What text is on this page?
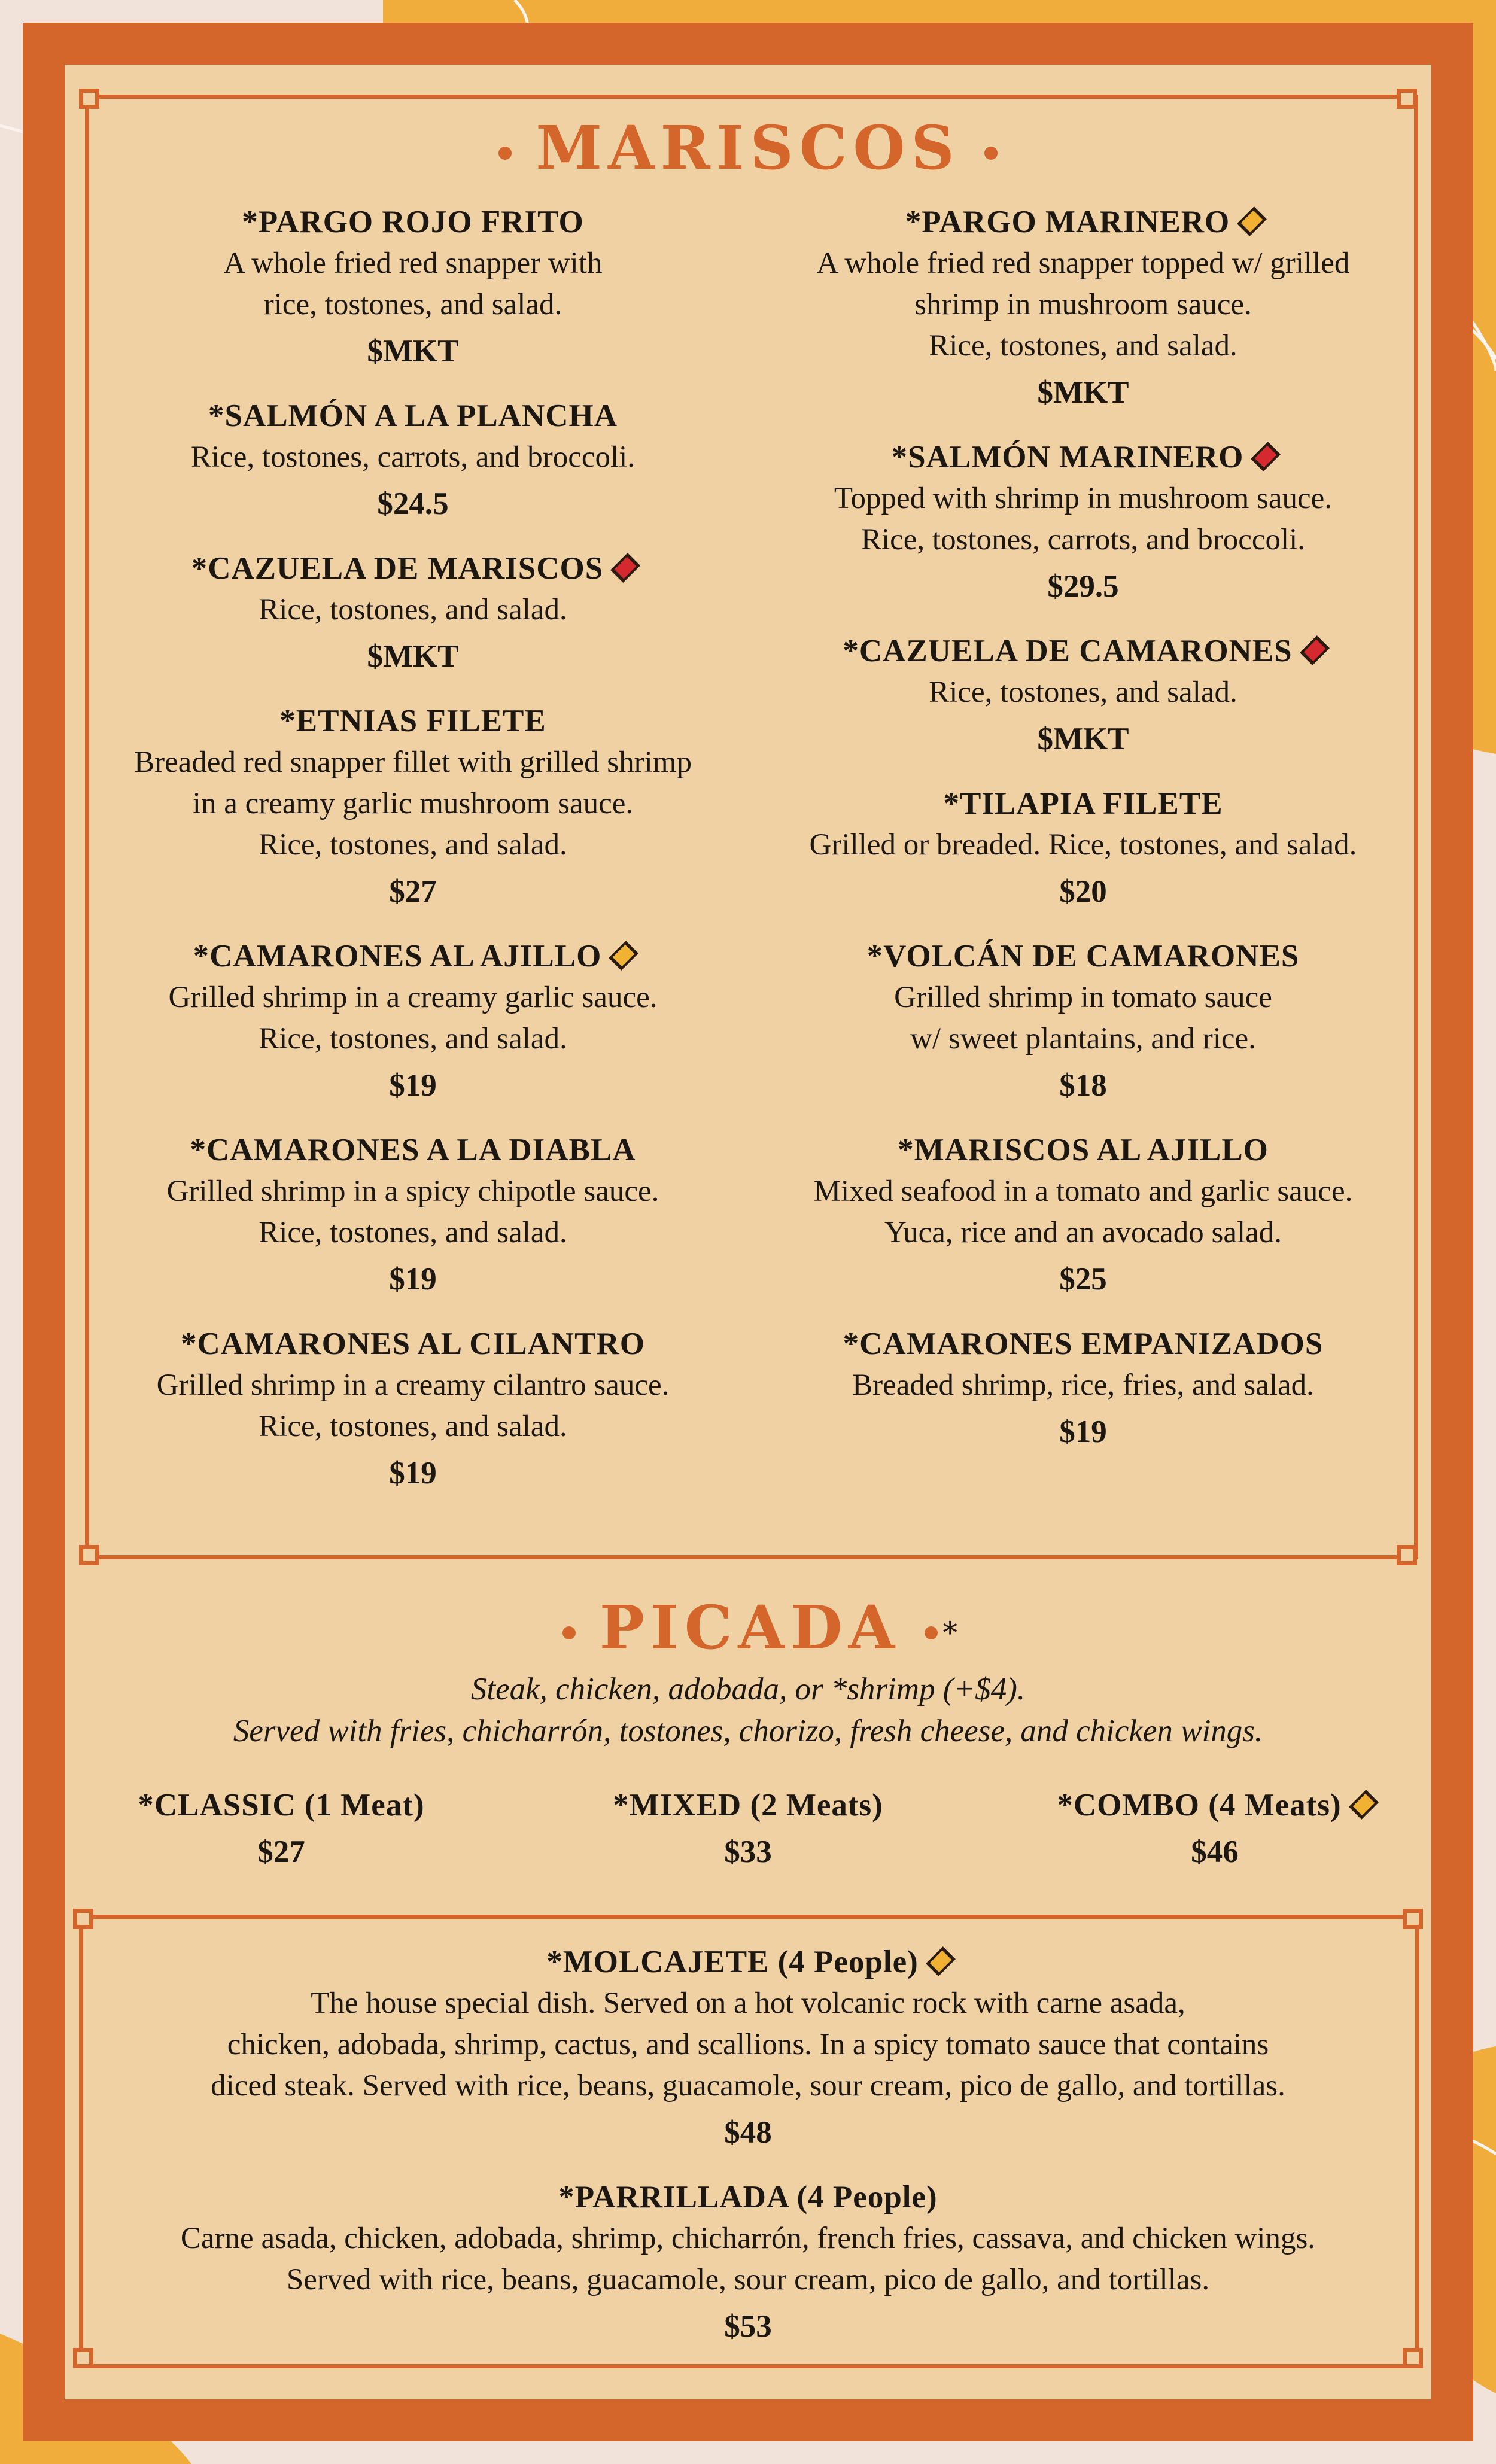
MARISCOS
*PARGO ROJO FRITO
A whole fried red snapper with
rice, tostones, and salad.
$MKT
*SALMÓN A LA PLANCHA
Rice, tostones, carrots, and broccoli.
$24.5
*CAZUELA DE MARISCOS
Rice, tostones, and salad.
$MKT
*ETNIAS FILETE
Breaded red snapper fillet with grilled shrimp
in a creamy garlic mushroom sauce.
Rice, tostones, and salad.
$27
*CAMARONES AL AJILLO
Grilled shrimp in a creamy garlic sauce.
Rice, tostones, and salad.
$19
*CAMARONES A LA DIABLA
Grilled shrimp in a spicy chipotle sauce.
Rice, tostones, and salad.
$19
*CAMARONES AL CILANTRO
Grilled shrimp in a creamy cilantro sauce.
Rice, tostones, and salad.
$19
*PARGO MARINERO
A whole fried red snapper topped w/ grilled
shrimp in mushroom sauce.
Rice, tostones, and salad.
$MKT
*SALMÓN MARINERO
Topped with shrimp in mushroom sauce.
Rice, tostones, carrots, and broccoli.
$29.5
*CAZUELA DE CAMARONES
Rice, tostones, and salad.
$MKT
*TILAPIA FILETE
Grilled or breaded. Rice, tostones, and salad.
$20
*VOLCÁN DE CAMARONES
Grilled shrimp in tomato sauce
w/ sweet plantains, and rice.
$18
*MARISCOS AL AJILLO
Mixed seafood in a tomato and garlic sauce.
Yuca, rice and an avocado salad.
$25
*CAMARONES EMPANIZADOS
Breaded shrimp, rice, fries, and salad.
$19
PICADA *
Steak, chicken, adobada, or *shrimp (+$4).
Served with fries, chicharrón, tostones, chorizo, fresh cheese, and chicken wings.
*CLASSIC (1 Meat)
$27
*MIXED (2 Meats)
$33
*COMBO (4 Meats)
$46
*MOLCAJETE (4 People)
The house special dish. Served on a hot volcanic rock with carne asada,
chicken, adobada, shrimp, cactus, and scallions. In a spicy tomato sauce that contains
diced steak. Served with rice, beans, guacamole, sour cream, pico de gallo, and tortillas.
$48
*PARRILLADA (4 People)
Carne asada, chicken, adobada, shrimp, chicharrón, french fries, cassava, and chicken wings.
Served with rice, beans, guacamole, sour cream, pico de gallo, and tortillas.
$53
